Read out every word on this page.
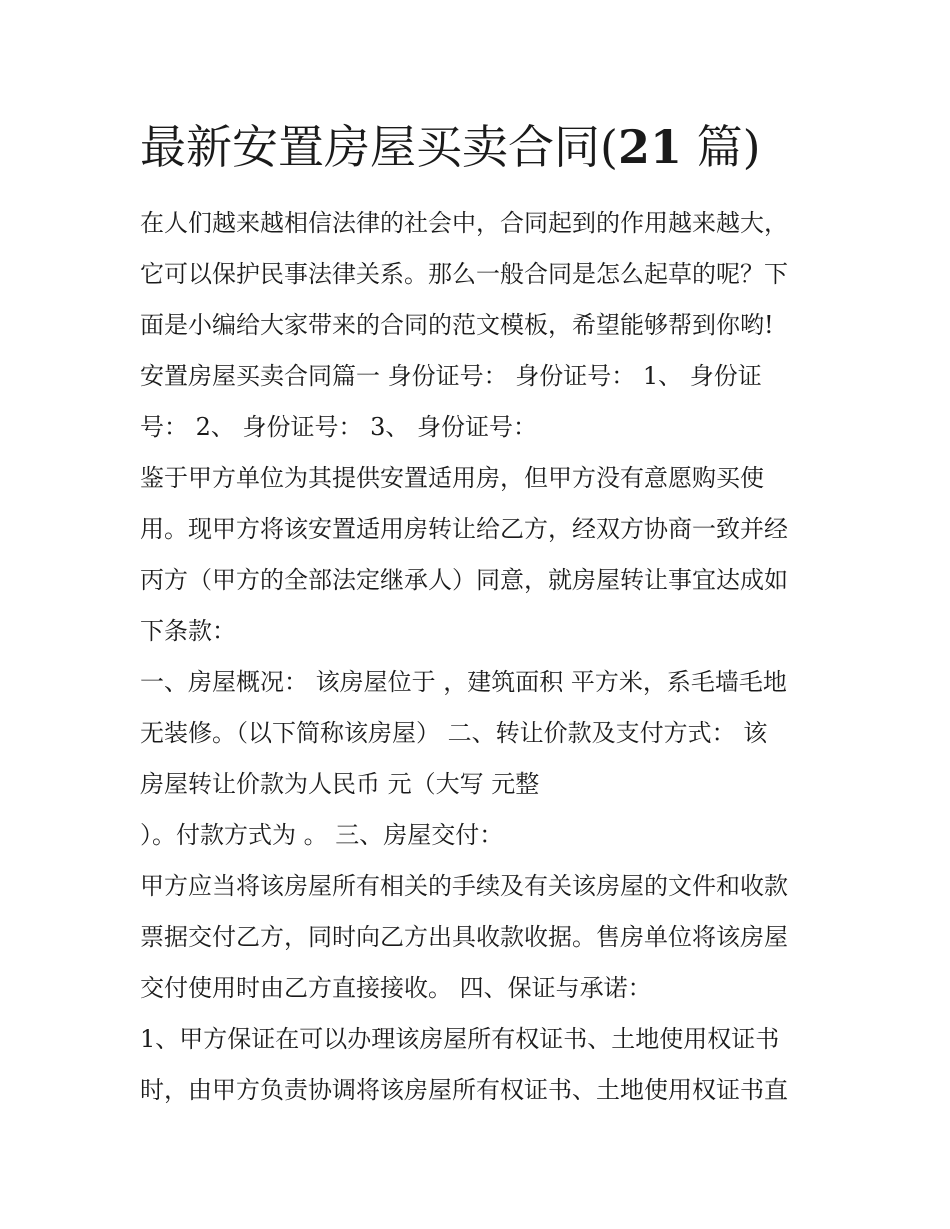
最新安置房屋买卖合同(21 篇)
在人们越来越相信法律的社会中，合同起到的作用越来越大，
它可以保护民事法律关系。那么一般合同是怎么起草的呢？下
面是小编给大家带来的合同的范文模板，希望能够帮到你哟!
安置房屋买卖合同篇一 身份证号： 身份证号： 1、 身份证
号： 2、 身份证号： 3、 身份证号：
鉴于甲方单位为其提供安置适用房，但甲方没有意愿购买使
用。现甲方将该安置适用房转让给乙方，经双方协商一致并经
丙方（甲方的全部法定继承人）同意，就房屋转让事宜达成如
下条款：
一、房屋概况： 该房屋位于 ，建筑面积 平方米，系毛墙毛地
无装修。（以下简称该房屋） 二、转让价款及支付方式： 该
房屋转让价款为人民币 元（大写 元整
）。付款方式为 。 三、房屋交付：
甲方应当将该房屋所有相关的手续及有关该房屋的文件和收款
票据交付乙方，同时向乙方出具收款收据。售房单位将该房屋
交付使用时由乙方直接接收。 四、保证与承诺：
1、甲方保证在可以办理该房屋所有权证书、土地使用权证书
时，由甲方负责协调将该房屋所有权证书、土地使用权证书直
